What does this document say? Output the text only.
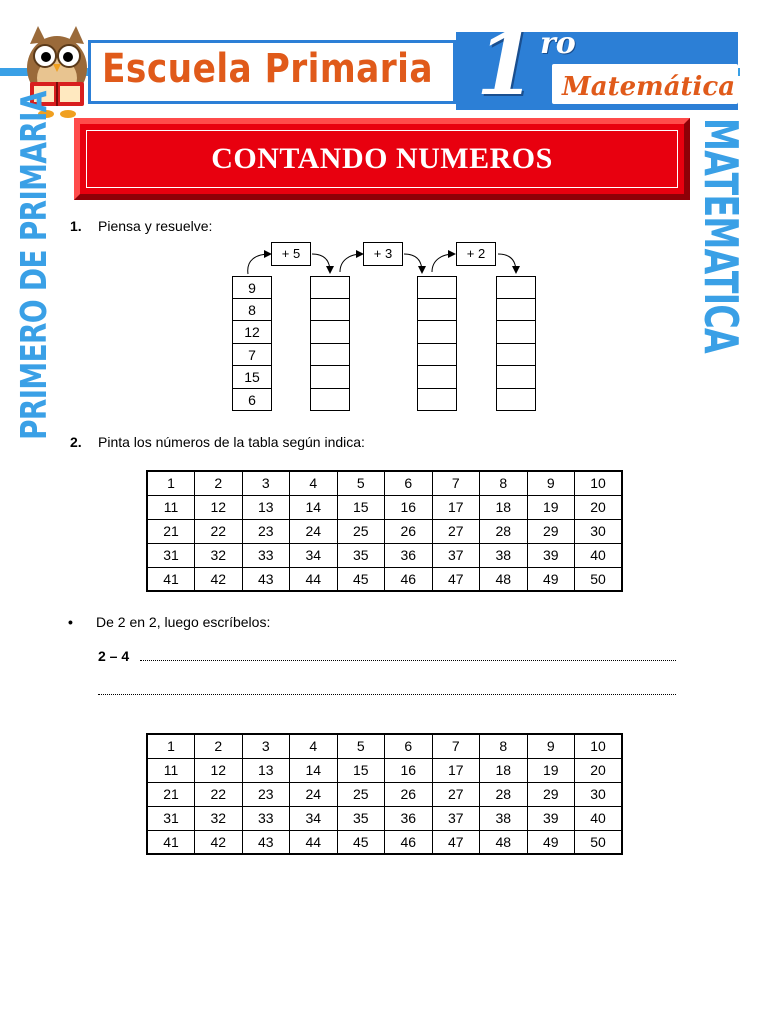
Escuela Primaria 1 ro
Matemática
PRIMERO DE PRIMARIA	MATEMATICA
CONTANDO NUMEROS
1. Piensa y resuelve:
+ 5	+ 3	+ 2
9
8
12
7
15
6
2. Pinta los números de la tabla según indica:
1	2	3	4	5	6	7	8	9	10
11	12	13	14	15	16	17	18	19	20
21	22	23	24	25	26	27	28	29	30
31	32	33	34	35	36	37	38	39	40
41	42	43	44	45	46	47	48	49	50
• De 2 en 2, luego escríbelos:
2 – 4
1	2	3	4	5	6	7	8	9	10
11	12	13	14	15	16	17	18	19	20
21	22	23	24	25	26	27	28	29	30
31	32	33	34	35	36	37	38	39	40
41	42	43	44	45	46	47	48	49	50
